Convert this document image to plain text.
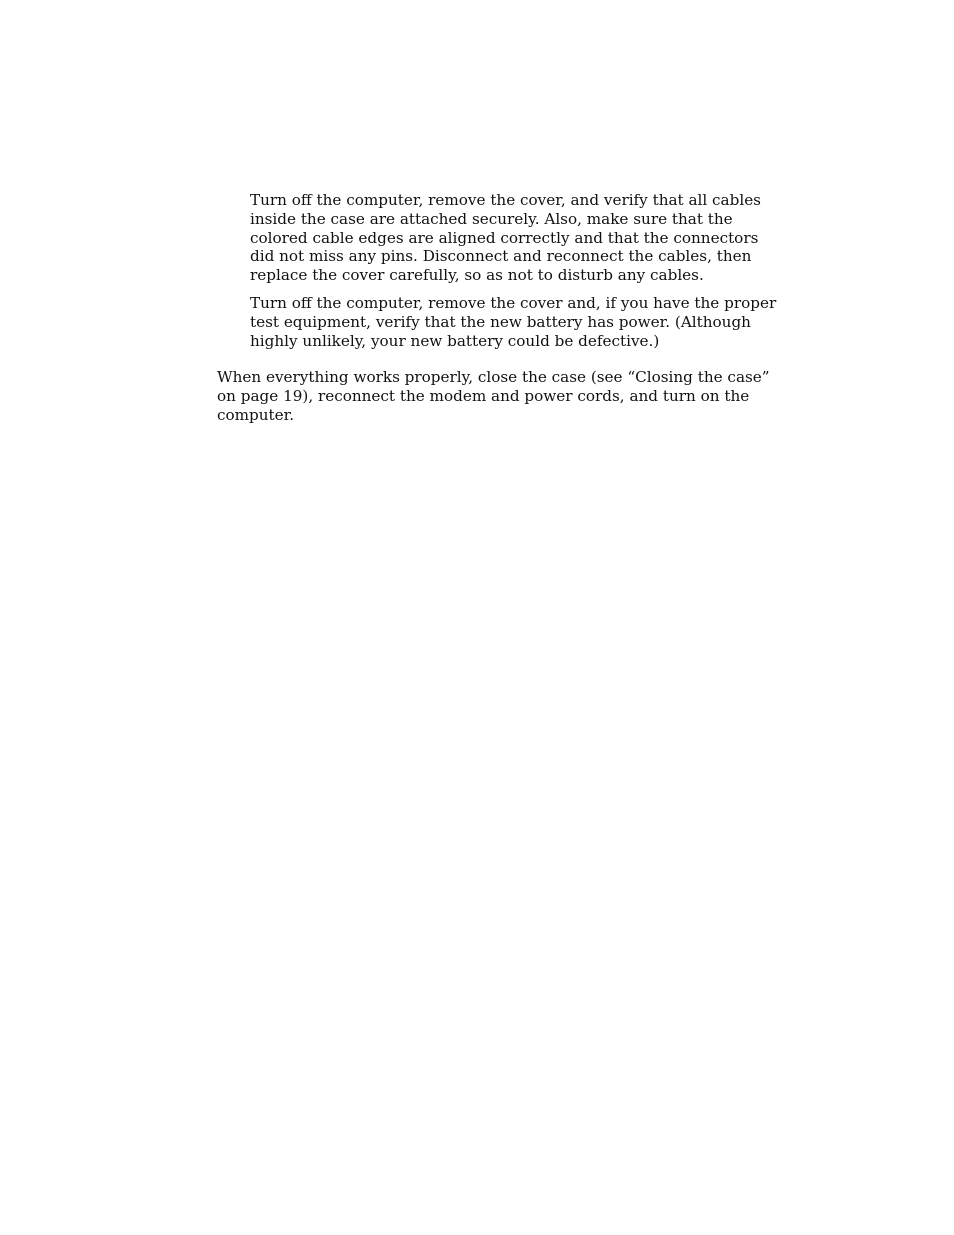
Turn off the computer, remove the cover, and verify that all cables inside the case are attached securely. Also, make sure that the colored cable edges are aligned correctly and that the connectors did not miss any pins. Disconnect and reconnect the cables, then replace the cover carefully, so as not to disturb any cables.

Turn off the computer, remove the cover and, if you have the proper test equipment, verify that the new battery has power. (Although highly unlikely, your new battery could be defective.)

When everything works properly, close the case (see “Closing the case” on page 19), reconnect the modem and power cords, and turn on the computer.
